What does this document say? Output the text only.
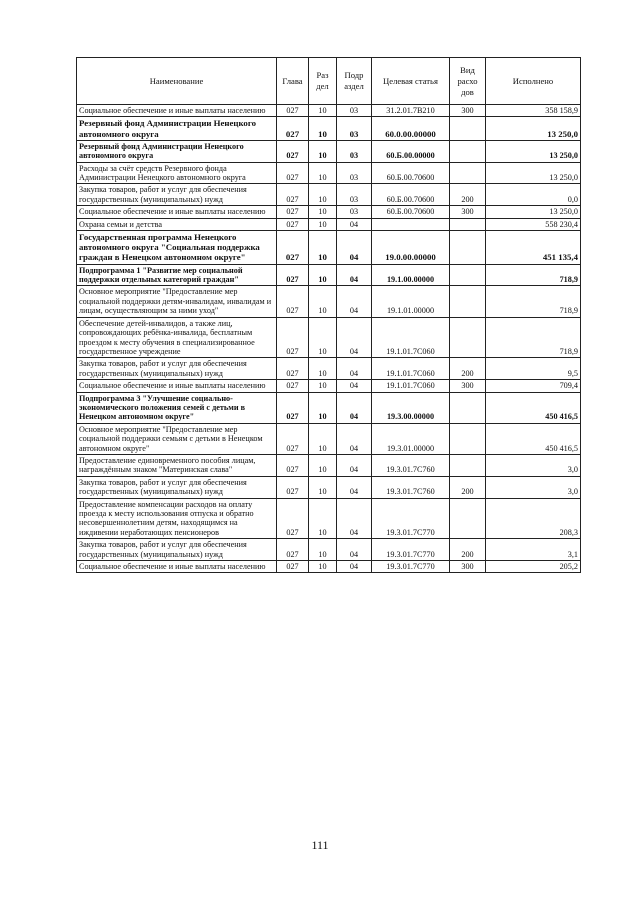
Наименование	Глава	Раз дел	Подр аздел	Целевая статья	Вид расхо дов	Исполнено
Социальное обеспечение и иные выплаты населению	027	10	03	31.2.01.7В210	300	358 158,9
Резервный фонд Администрации Ненецкого автономного округа	027	10	03	60.0.00.00000		13 250,0
Резервный фонд Администрации Ненецкого автономного округа	027	10	03	60.Б.00.00000		13 250,0
Расходы за счёт средств Резервного фонда Администрации Ненецкого автономного округа	027	10	03	60.Б.00.70600		13 250,0
Закупка товаров, работ и услуг для обеспечения государственных (муниципальных) нужд	027	10	03	60.Б.00.70600	200	0,0
Социальное обеспечение и иные выплаты населению	027	10	03	60.Б.00.70600	300	13 250,0
Охрана семьи и детства	027	10	04			558 230,4
Государственная программа Ненецкого автономного округа "Социальная поддержка граждан в Ненецком автономном округе"	027	10	04	19.0.00.00000		451 135,4
Подпрограмма 1 "Развитие мер социальной поддержки отдельных категорий граждан"	027	10	04	19.1.00.00000		718,9
Основное мероприятие "Предоставление мер социальной поддержки детям-инвалидам, инвалидам и лицам, осуществляющим за ними уход"	027	10	04	19.1.01.00000		718,9
Обеспечение детей-инвалидов, а также лиц, сопровождающих ребёнка-инвалида, бесплатным проездом к месту обучения в специализированное государственное учреждение	027	10	04	19.1.01.7С060		718,9
Закупка товаров, работ и услуг для обеспечения государственных (муниципальных) нужд	027	10	04	19.1.01.7С060	200	9,5
Социальное обеспечение и иные выплаты населению	027	10	04	19.1.01.7С060	300	709,4
Подпрограмма 3 "Улучшение социально-экономического положения семей с детьми в Ненецком автономном округе"	027	10	04	19.3.00.00000		450 416,5
Основное мероприятие "Предоставление мер социальной поддержки семьям с детьми в Ненецком автономном округе"	027	10	04	19.3.01.00000		450 416,5
Предоставление единовременного пособия лицам, награждённым знаком "Материнская слава"	027	10	04	19.3.01.7С760		3,0
Закупка товаров, работ и услуг для обеспечения государственных (муниципальных) нужд	027	10	04	19.3.01.7С760	200	3,0
Предоставление компенсации расходов на оплату проезда к месту использования отпуска и обратно несовершеннолетним детям, находящимся на иждивении неработающих пенсионеров	027	10	04	19.3.01.7С770		208,3
Закупка товаров, работ и услуг для обеспечения государственных (муниципальных) нужд	027	10	04	19.3.01.7С770	200	3,1
Социальное обеспечение и иные выплаты населению	027	10	04	19.3.01.7С770	300	205,2
111
